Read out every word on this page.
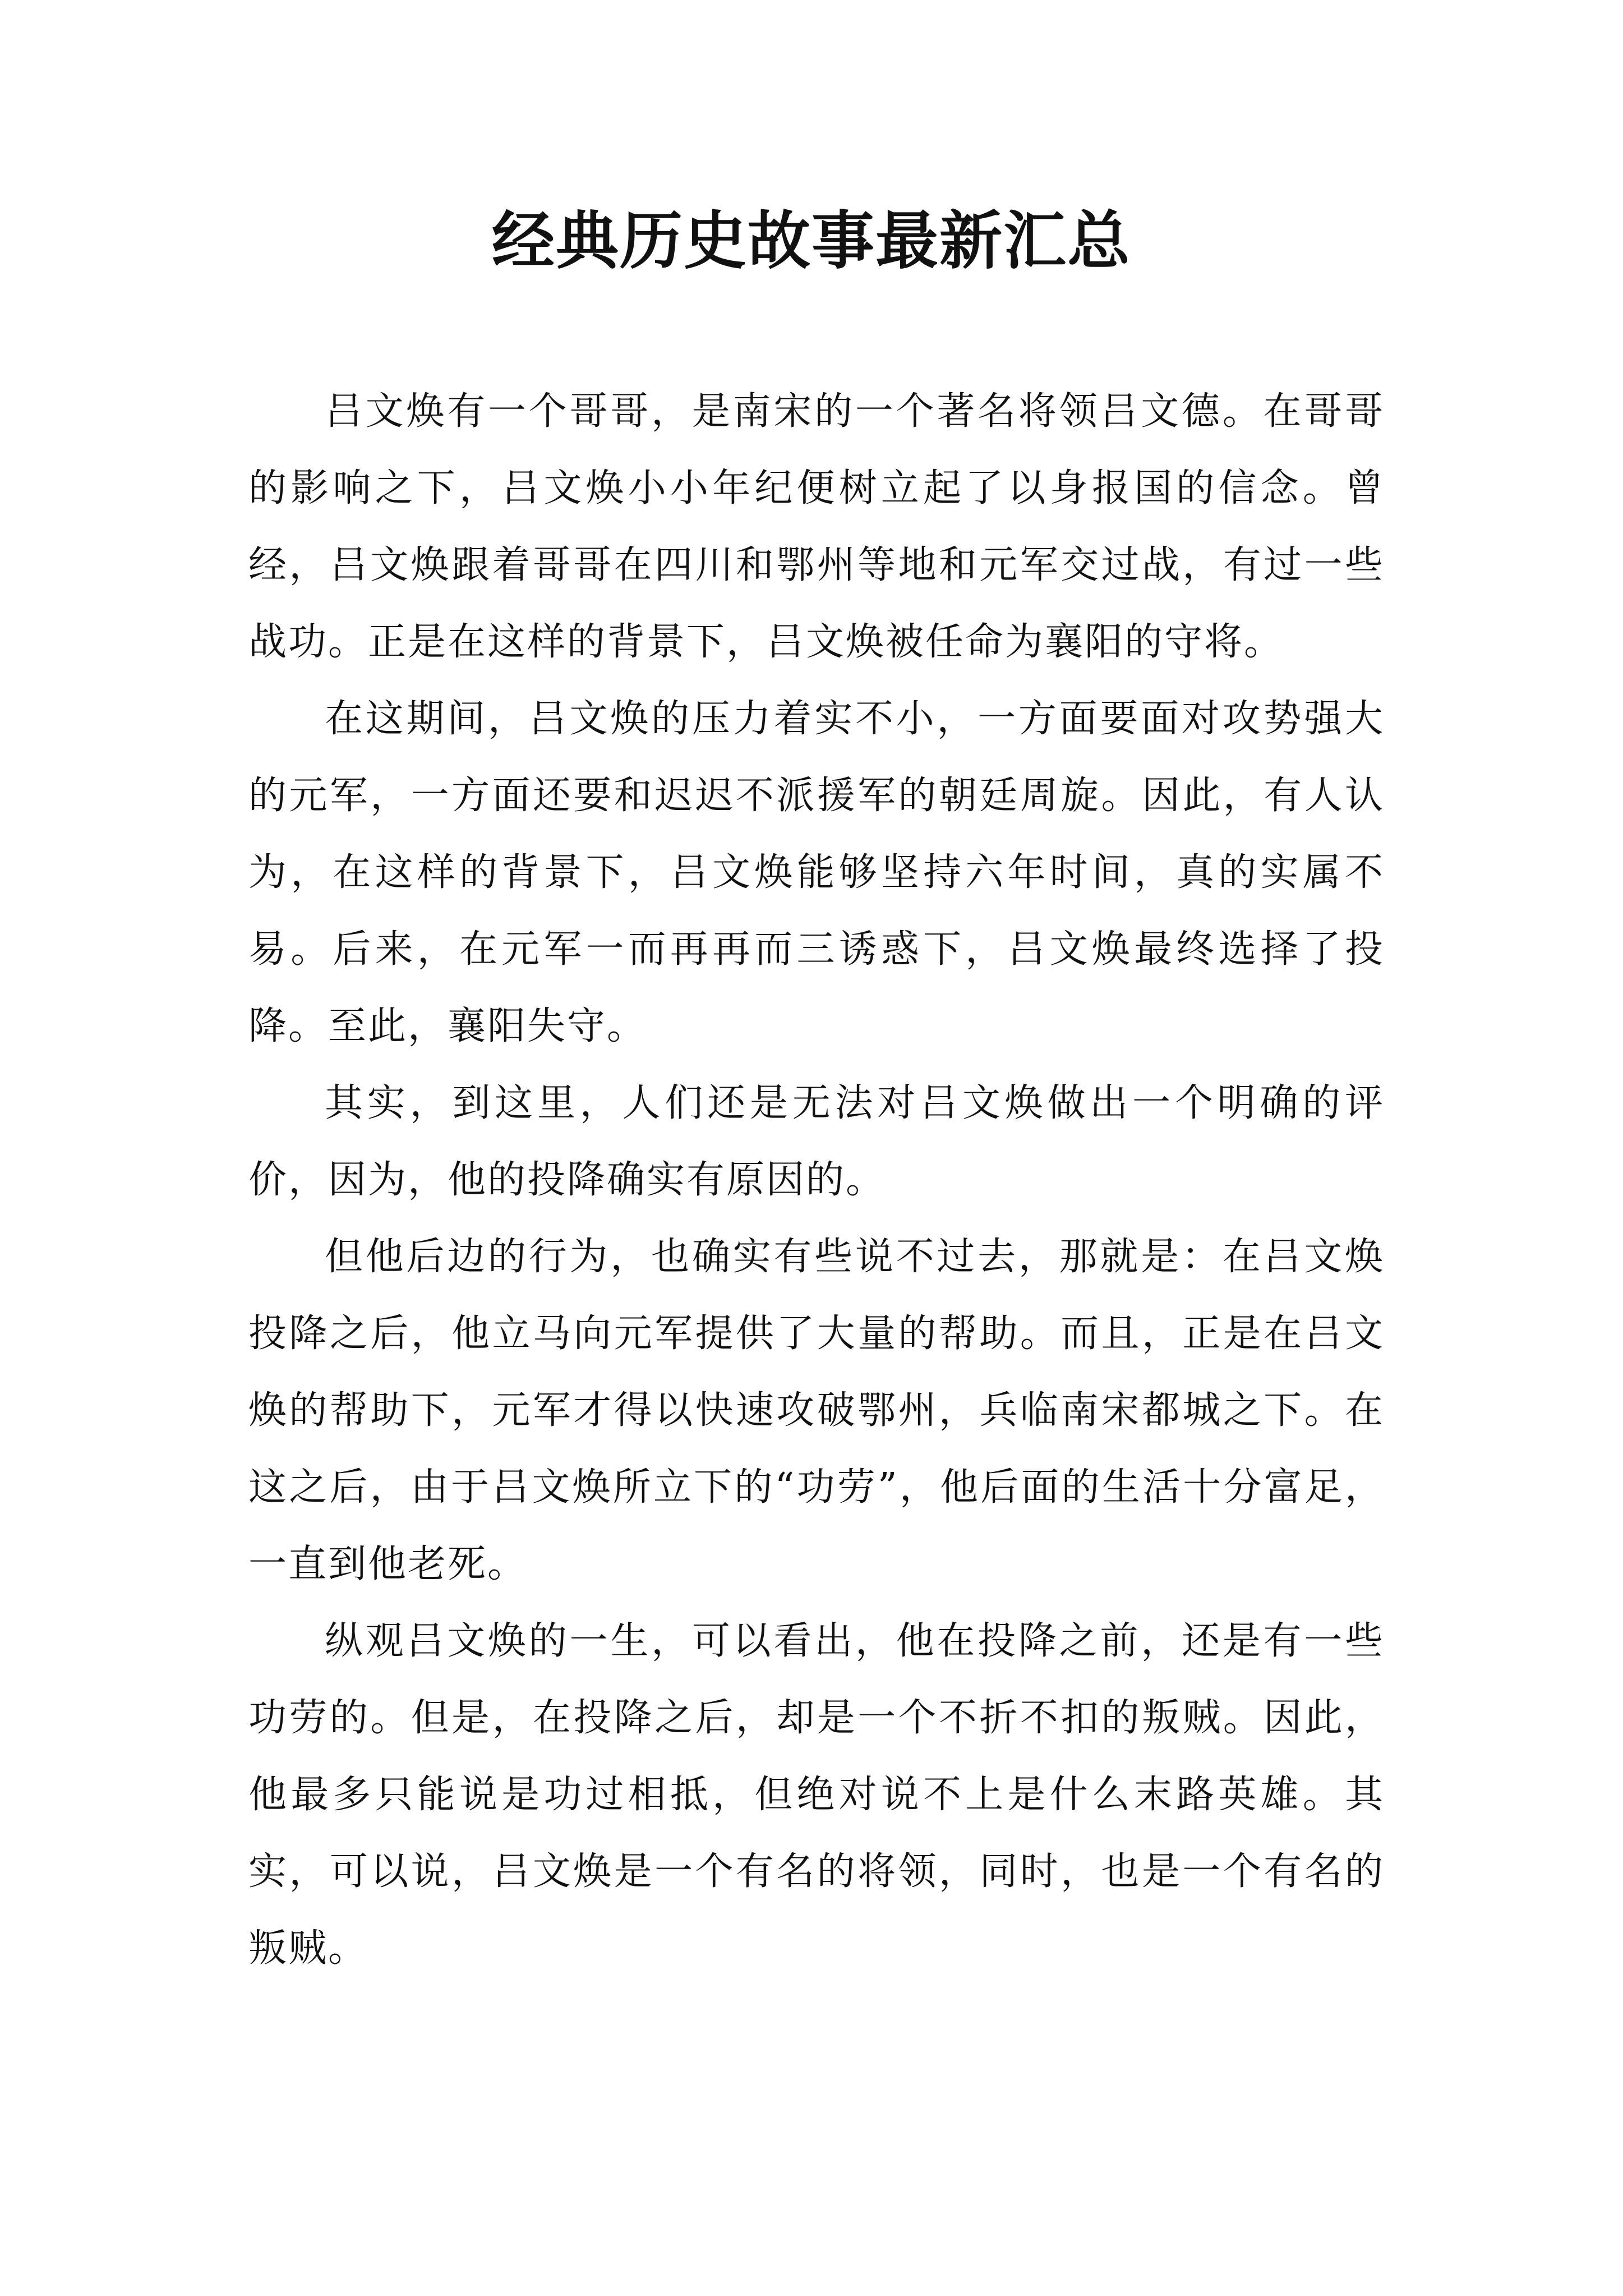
经典历史故事最新汇总

吕文焕有一个哥哥，是南宋的一个著名将领吕文德。在哥哥的影响之下，吕文焕小小年纪便树立起了以身报国的信念。曾经，吕文焕跟着哥哥在四川和鄂州等地和元军交过战，有过一些战功。正是在这样的背景下，吕文焕被任命为襄阳的守将。

在这期间，吕文焕的压力着实不小，一方面要面对攻势强大的元军，一方面还要和迟迟不派援军的朝廷周旋。因此，有人认为，在这样的背景下，吕文焕能够坚持六年时间，真的实属不易。后来，在元军一而再再而三诱惑下，吕文焕最终选择了投降。至此，襄阳失守。

其实，到这里，人们还是无法对吕文焕做出一个明确的评价，因为，他的投降确实有原因的。

但他后边的行为，也确实有些说不过去，那就是：在吕文焕投降之后，他立马向元军提供了大量的帮助。而且，正是在吕文焕的帮助下，元军才得以快速攻破鄂州，兵临南宋都城之下。在这之后，由于吕文焕所立下的“功劳”，他后面的生活十分富足，一直到他老死。

纵观吕文焕的一生，可以看出，他在投降之前，还是有一些功劳的。但是，在投降之后，却是一个不折不扣的叛贼。因此，他最多只能说是功过相抵，但绝对说不上是什么末路英雄。其实，可以说，吕文焕是一个有名的将领，同时，也是一个有名的叛贼。
